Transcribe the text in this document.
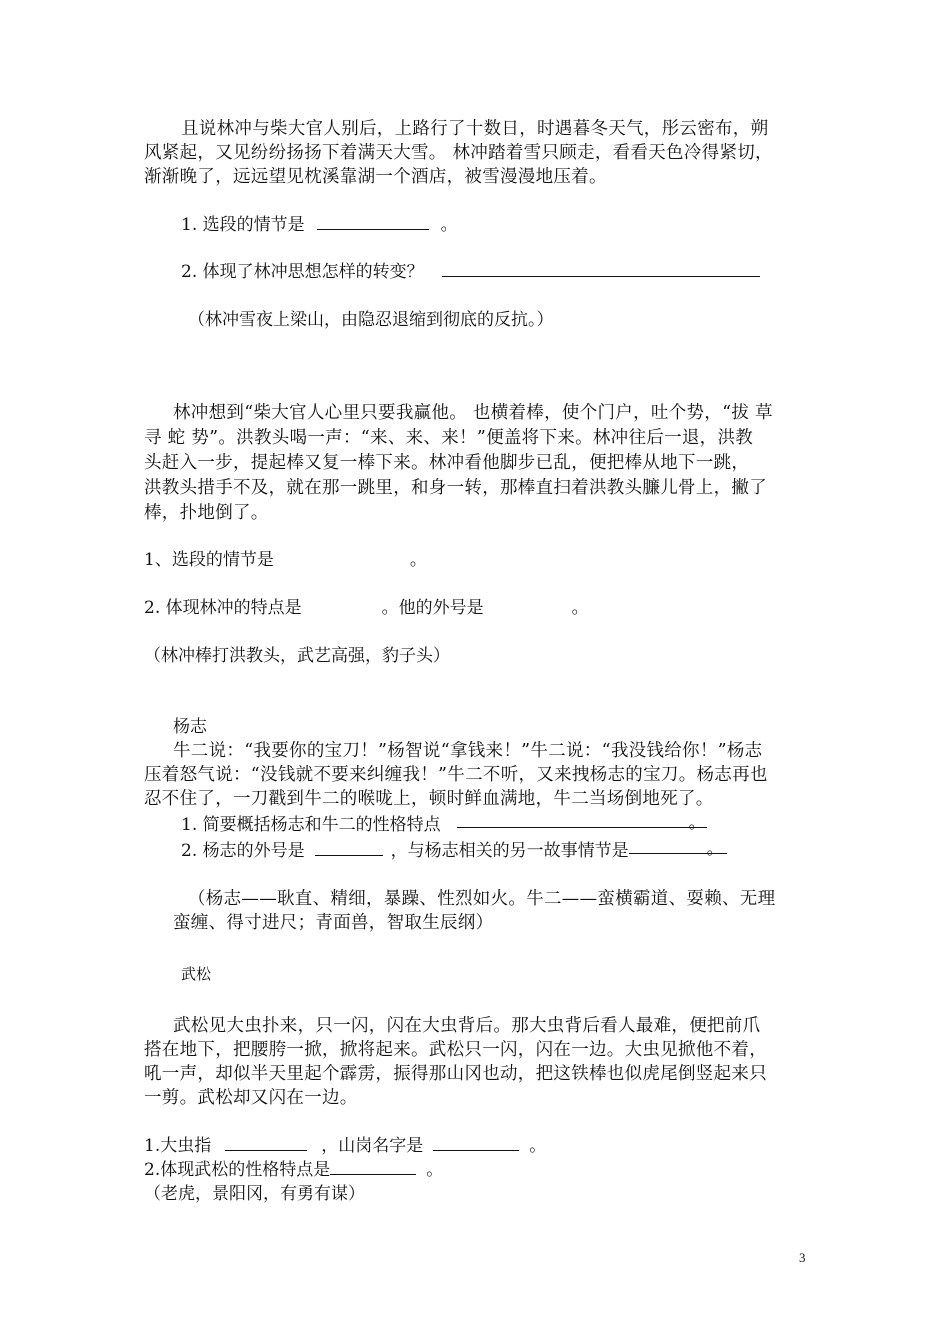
且说林冲与柴大官人别后，上路行了十数日，时遇暮冬天气，彤云密布，朔
风紧起，又见纷纷扬扬下着满天大雪。 林冲踏着雪只顾走，看看天色冷得紧切，
渐渐晚了，远远望见枕溪靠湖一个酒店，被雪漫漫地压着。
1. 选段的情节是	。
2. 体现了林冲思想怎样的转变？
（林冲雪夜上梁山，由隐忍退缩到彻底的反抗。）
林冲想到“柴大官人心里只要我赢他。 也横着棒，使个门户，吐个势，“拔 草
寻 蛇 势”。洪教头喝一声：“来、来、来！”便盖将下来。林冲往后一退，洪教
头赶入一步，提起棒又复一棒下来。林冲看他脚步已乱，便把棒从地下一跳，
洪教头措手不及，就在那一跳里，和身一转，那棒直扫着洪教头臁儿骨上，撇了
棒，扑地倒了。
1、选段的情节是	。
2. 体现林冲的特点是	。他的外号是	。
（林冲棒打洪教头，武艺高强，豹子头）
杨志
牛二说：“我要你的宝刀！”杨智说“拿钱来！”牛二说：“我没钱给你！”杨志
压着怒气说：“没钱就不要来纠缠我！”牛二不听，又来拽杨志的宝刀。杨志再也
忍不住了，一刀戳到牛二的喉咙上，顿时鲜血满地，牛二当场倒地死了。
1. 简要概括杨志和牛二的性格特点	。
2. 杨志的外号是	，与杨志相关的另一故事情节是	。
（杨志——耿直、精细，暴躁、性烈如火。牛二——蛮横霸道、耍赖、无理
蛮缠、得寸进尺；青面兽，智取生辰纲）
武松
武松见大虫扑来，只一闪，闪在大虫背后。那大虫背后看人最难，便把前爪
搭在地下，把腰胯一掀，掀将起来。武松只一闪，闪在一边。大虫见掀他不着，
吼一声，却似半天里起个霹雳，振得那山冈也动，把这铁棒也似虎尾倒竖起来只
一剪。武松却又闪在一边。
1.大虫指	，山岗名字是	。
2.体现武松的性格特点是	。
（老虎，景阳冈，有勇有谋）
3
